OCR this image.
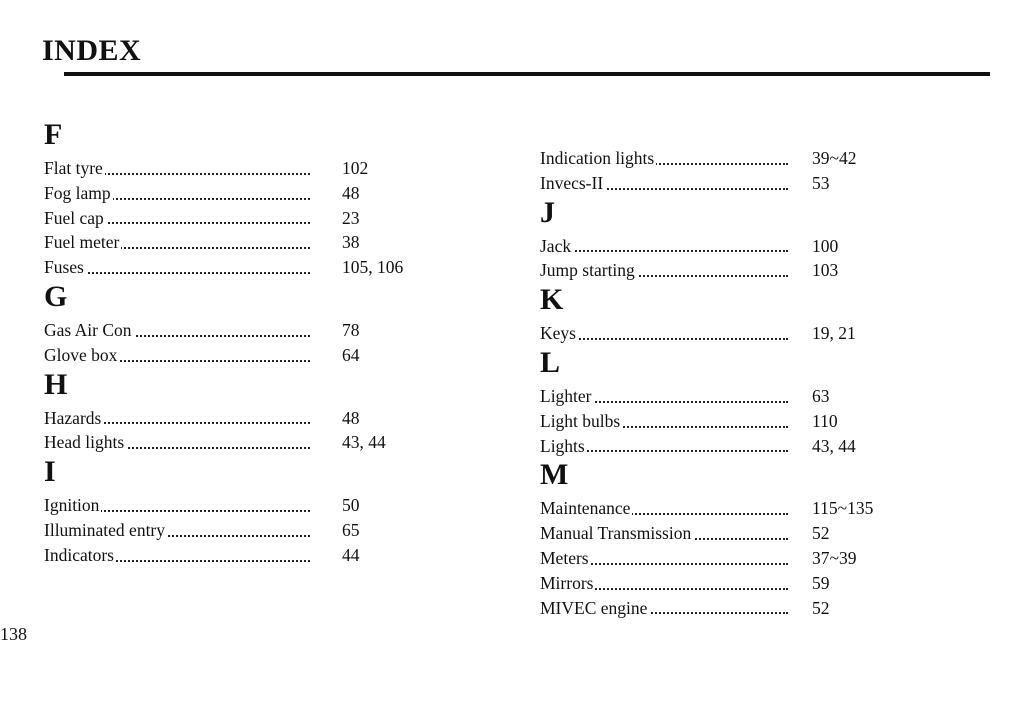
INDEX
F
Flat tyre	102
Fog lamp	48
Fuel cap	23
Fuel meter	38
Fuses	105, 106
G
Gas Air Con	78
Glove box	64
H
Hazards	48
Head lights	43, 44
I
Ignition	50
Illuminated entry	65
Indicators	44
Indication lights	39~42
Invecs-II	53
J
Jack	100
Jump starting	103
K
Keys	19, 21
L
Lighter	63
Light bulbs	110
Lights	43, 44
M
Maintenance	115~135
Manual Transmission	52
Meters	37~39
Mirrors	59
MIVEC engine	52
138
